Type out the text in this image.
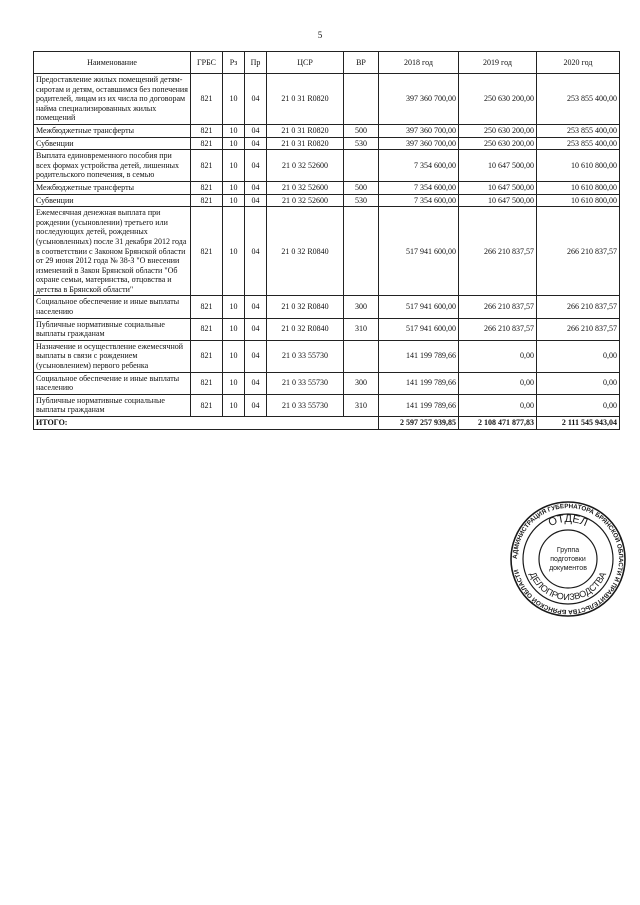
5
Наименование	ГРБС	Рз	Пр	ЦСР	ВР	2018 год	2019 год	2020 год
Предоставление жилых помещений детям-сиротам и детям, оставшимся без попечения родителей, лицам из их числа по договорам найма специализированных жилых помещений	821	10	04	21 0 31 R0820		397 360 700,00	250 630 200,00	253 855 400,00
Межбюджетные трансферты	821	10	04	21 0 31 R0820	500	397 360 700,00	250 630 200,00	253 855 400,00
Субвенции	821	10	04	21 0 31 R0820	530	397 360 700,00	250 630 200,00	253 855 400,00
Выплата единовременного пособия при всех формах устройства детей, лишенных родительского попечения, в семью	821	10	04	21 0 32 52600		7 354 600,00	10 647 500,00	10 610 800,00
Межбюджетные трансферты	821	10	04	21 0 32 52600	500	7 354 600,00	10 647 500,00	10 610 800,00
Субвенции	821	10	04	21 0 32 52600	530	7 354 600,00	10 647 500,00	10 610 800,00
Ежемесячная денежная выплата при рождении (усыновлении) третьего или последующих детей, рожденных (усыновленных) после 31 декабря 2012 года в соответствии с Законом Брянской области от 29 июня 2012 года № 38-З "О внесении изменений в Закон Брянской области "Об охране семьи, материнства, отцовства и детства в Брянской области"	821	10	04	21 0 32 R0840		517 941 600,00	266 210 837,57	266 210 837,57
Социальное обеспечение и иные выплаты населению	821	10	04	21 0 32 R0840	300	517 941 600,00	266 210 837,57	266 210 837,57
Публичные нормативные социальные выплаты гражданам	821	10	04	21 0 32 R0840	310	517 941 600,00	266 210 837,57	266 210 837,57
Назначение и осуществление ежемесячной выплаты в связи с рождением (усыновлением) первого ребенка	821	10	04	21 0 33 55730		141 199 789,66	0,00	0,00
Социальное обеспечение и иные выплаты населению	821	10	04	21 0 33 55730	300	141 199 789,66	0,00	0,00
Публичные нормативные социальные выплаты гражданам	821	10	04	21 0 33 55730	310	141 199 789,66	0,00	0,00
ИТОГО:						2 597 257 939,85	2 108 471 877,83	2 111 545 943,04
АДМИНИСТРАЦИЯ ГУБЕРНАТОРА БРЯНСКОЙ ОБЛАСТИ И ПРАВИТЕЛЬСТВА БРЯНСКОЙ ОБЛАСТИ
ОТДЕЛ
ДЕЛОПРОИЗВОДСТВА
Группа
подготовки
документов
